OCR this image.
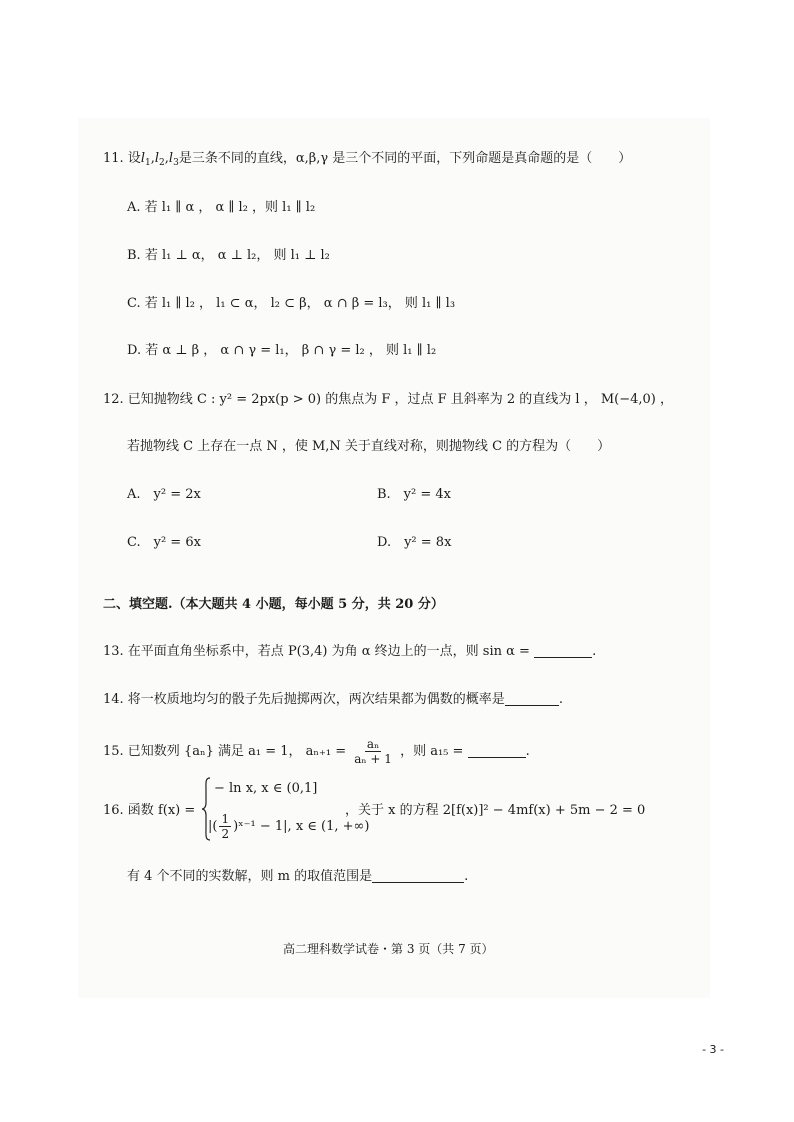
11. 设$l_1,l_2,l_3$是三条不同的直线，α,β,γ 是三个不同的平面，下列命题是真命题的是（　　）
A. 若 l₁ ∥ α ， α ∥ l₂ ，则 l₁ ∥ l₂
B. 若 l₁ ⊥ α， α ⊥ l₂， 则 l₁ ⊥ l₂
C. 若 l₁ ∥ l₂ ， l₁ ⊂ α， l₂ ⊂ β， α ∩ β = l₃， 则 l₁ ∥ l₃
D. 若 α ⊥ β ， α ∩ γ = l₁， β ∩ γ = l₂ ， 则 l₁ ∥ l₂
12. 已知抛物线 C : y² = 2px(p > 0) 的焦点为 F ，过点 F 且斜率为 2 的直线为 l ， M(−4,0) ，
若抛物线 C 上存在一点 N ，使 M,N 关于直线对称，则抛物线 C 的方程为（　　）
A.　y² = 2x	B.　y² = 4x
C.　y² = 6x	D.　y² = 8x
二、填空题.（本大题共 4 小题，每小题 5 分，共 20 分）
13. 在平面直角坐标系中，若点 P(3,4) 为角 α 终边上的一点，则 sin α =	.
14. 将一枚质地均匀的骰子先后抛掷两次，两次结果都为偶数的概率是	.
15. 已知数列 {aₙ} 满足 a₁ = 1， $a_{n+1} = \frac{\text{aₙ}}{\text{aₙ + 1}}$ ，则 a₁₅ =	.
16. 函数 f(x) =
− ln x, x ∈ (0,1]
|( $\frac{1}{2}$ )ˣ⁻¹ − 1|, x ∈ (1, +∞)
，关于 x 的方程 2[f(x)]² − 4mf(x) + 5m − 2 = 0
有 4 个不同的实数解，则 m 的取值范围是	.
高二理科数学试卷・第 3 页（共 7 页）
- 3 -
